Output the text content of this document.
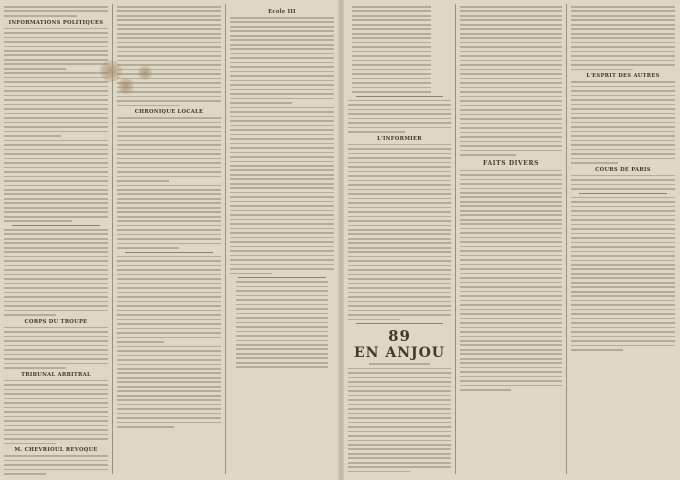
INFORMATIONS POLITIQUES
CORPS DU TROUPE
TRIBUNAL ARBITRAL
M. CHEVRIOUL REVOQUE
CHRONIQUE LOCALE
Ecole III
L'INFORMIER
89
EN ANJOU
FAITS DIVERS
L'ESPRIT DES AUTRES
COURS DE PARIS
